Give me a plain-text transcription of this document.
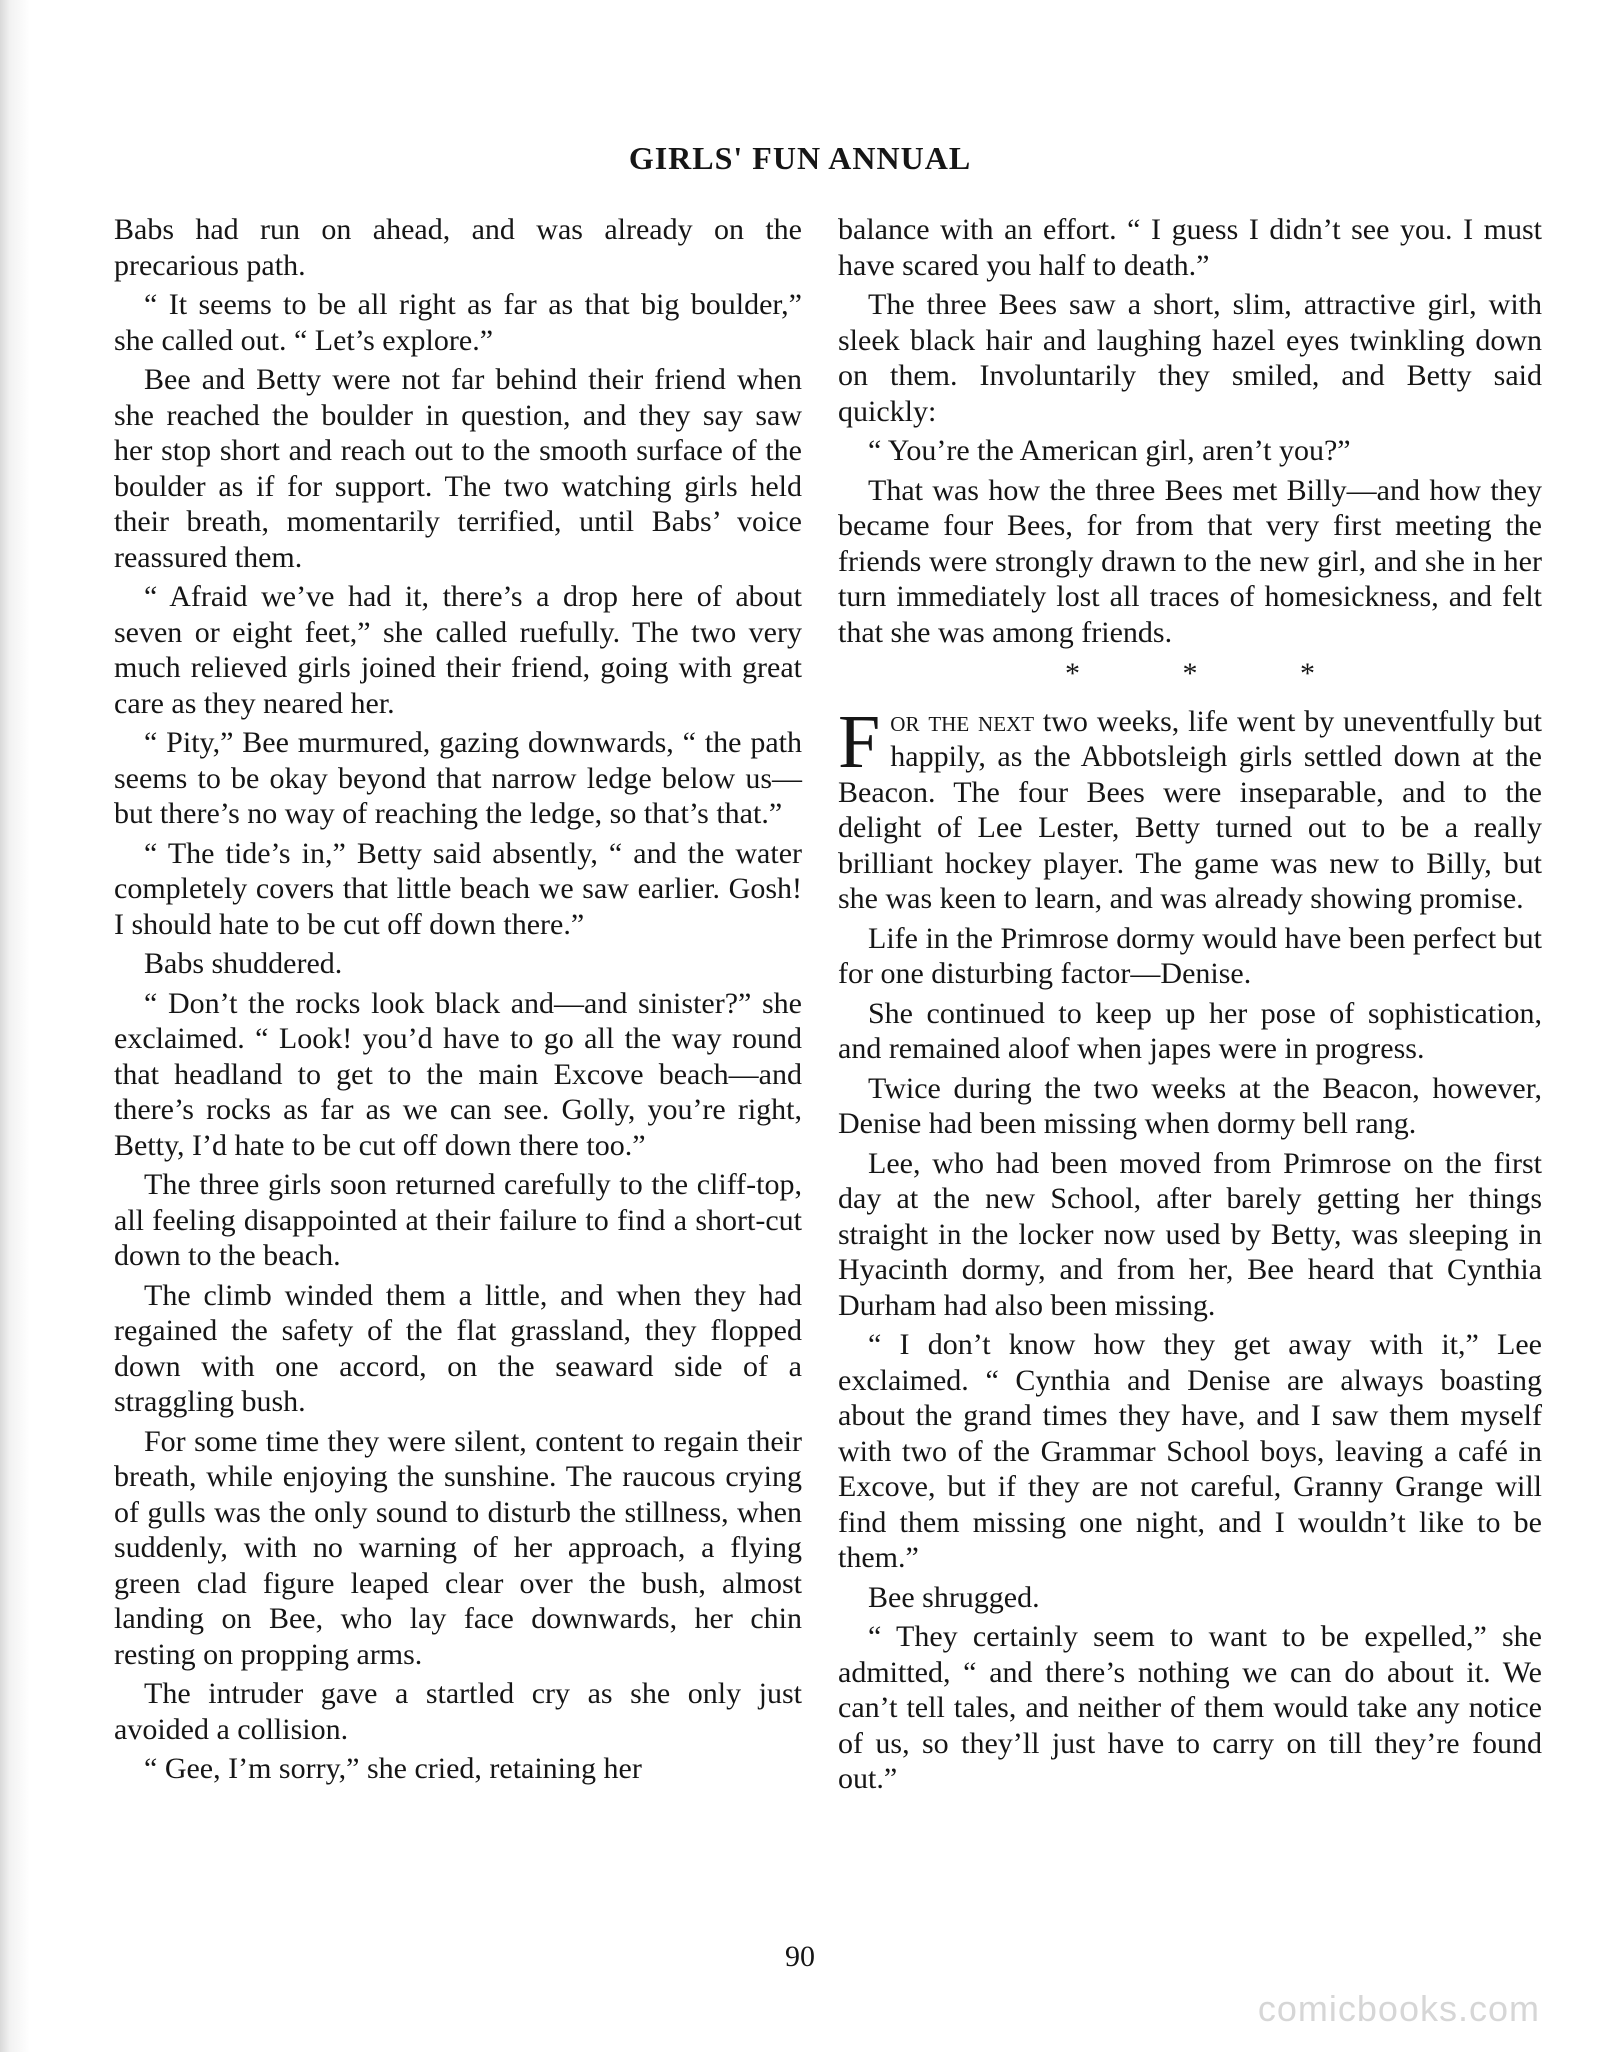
GIRLS' FUN ANNUAL

Babs had run on ahead, and was already on the precarious path.

“ It seems to be all right as far as that big boulder,” she called out. “ Let’s explore.”

Bee and Betty were not far behind their friend when she reached the boulder in question, and they say saw her stop short and reach out to the smooth surface of the boulder as if for support. The two watching girls held their breath, momentarily terrified, until Babs’ voice reassured them.

“ Afraid we’ve had it, there’s a drop here of about seven or eight feet,” she called ruefully. The two very much relieved girls joined their friend, going with great care as they neared her.

“ Pity,” Bee murmured, gazing downwards, “ the path seems to be okay beyond that narrow ledge below us—but there’s no way of reaching the ledge, so that’s that.”

“ The tide’s in,” Betty said absently, “ and the water completely covers that little beach we saw earlier. Gosh! I should hate to be cut off down there.”

Babs shuddered.

“ Don’t the rocks look black and—and sinister?” she exclaimed. “ Look! you’d have to go all the way round that headland to get to the main Excove beach—and there’s rocks as far as we can see. Golly, you’re right, Betty, I’d hate to be cut off down there too.”

The three girls soon returned carefully to the cliff-top, all feeling disappointed at their failure to find a short-cut down to the beach.

The climb winded them a little, and when they had regained the safety of the flat grassland, they flopped down with one accord, on the seaward side of a straggling bush.

For some time they were silent, content to regain their breath, while enjoying the sunshine. The raucous crying of gulls was the only sound to disturb the stillness, when suddenly, with no warning of her approach, a flying green clad figure leaped clear over the bush, almost landing on Bee, who lay face downwards, her chin resting on propping arms.

The intruder gave a startled cry as she only just avoided a collision.

“ Gee, I’m sorry,” she cried, retaining her

balance with an effort. “ I guess I didn’t see you. I must have scared you half to death.”

The three Bees saw a short, slim, attractive girl, with sleek black hair and laughing hazel eyes twinkling down on them. Involuntarily they smiled, and Betty said quickly:

“ You’re the American girl, aren’t you?”

That was how the three Bees met Billy—and how they became four Bees, for from that very first meeting the friends were strongly drawn to the new girl, and she in her turn immediately lost all traces of homesickness, and felt that she was among friends.

* * *

For the next two weeks, life went by uneventfully but happily, as the Abbotsleigh girls settled down at the Beacon. The four Bees were inseparable, and to the delight of Lee Lester, Betty turned out to be a really brilliant hockey player. The game was new to Billy, but she was keen to learn, and was already showing promise.

Life in the Primrose dormy would have been perfect but for one disturbing factor—Denise.

She continued to keep up her pose of sophistication, and remained aloof when japes were in progress.

Twice during the two weeks at the Beacon, however, Denise had been missing when dormy bell rang.

Lee, who had been moved from Primrose on the first day at the new School, after barely getting her things straight in the locker now used by Betty, was sleeping in Hyacinth dormy, and from her, Bee heard that Cynthia Durham had also been missing.

“ I don’t know how they get away with it,” Lee exclaimed. “ Cynthia and Denise are always boasting about the grand times they have, and I saw them myself with two of the Grammar School boys, leaving a café in Excove, but if they are not careful, Granny Grange will find them missing one night, and I wouldn’t like to be them.”

Bee shrugged.

“ They certainly seem to want to be expelled,” she admitted, “ and there’s nothing we can do about it. We can’t tell tales, and neither of them would take any notice of us, so they’ll just have to carry on till they’re found out.”

90
comicbooks.com
